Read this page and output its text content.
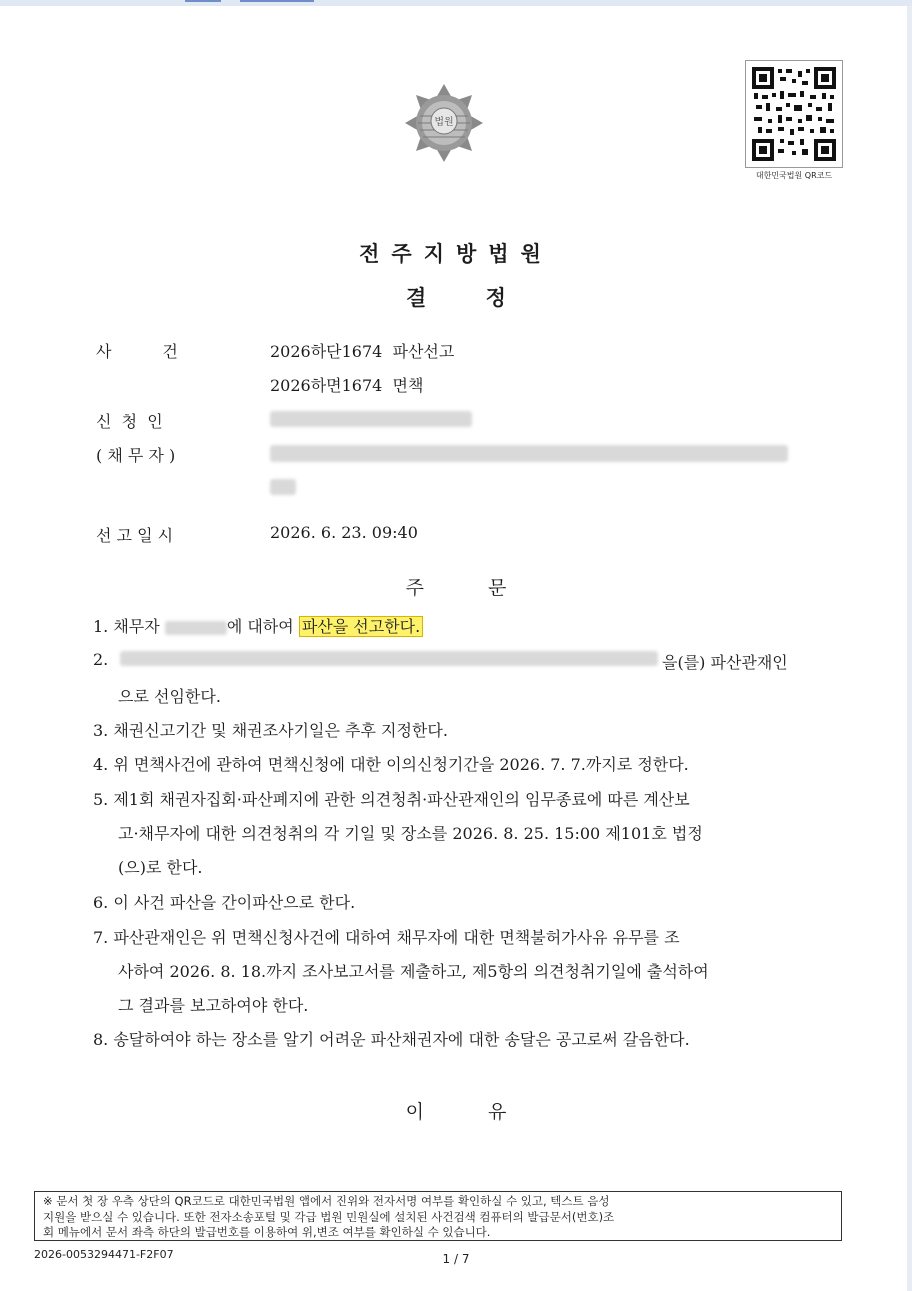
법원
대한민국법원 QR코드
전주지방법원
결 정
사          건	2026하단1674  파산선고
2026하면1674  면책
신  청  인
( 채 무 자 )
선 고 일 시	2026. 6. 23. 09:40
주 문
1. 채무자	에 대하여 파산을 선고한다.
2.	을(를) 파산관재인
으로 선임한다.
3. 채권신고기간 및 채권조사기일은 추후 지정한다.
4. 위 면책사건에 관하여 면책신청에 대한 이의신청기간을 2026. 7. 7.까지로 정한다.
5. 제1회 채권자집회·파산폐지에 관한 의견청취·파산관재인의 임무종료에 따른 계산보
고·채무자에 대한 의견청취의 각 기일 및 장소를 2026. 8. 25. 15:00 제101호 법정
(으)로 한다.
6. 이 사건 파산을 간이파산으로 한다.
7. 파산관재인은 위 면책신청사건에 대하여 채무자에 대한 면책불허가사유 유무를 조
사하여 2026. 8. 18.까지 조사보고서를 제출하고, 제5항의 의견청취기일에 출석하여
그 결과를 보고하여야 한다.
8. 송달하여야 하는 장소를 알기 어려운 파산채권자에 대한 송달은 공고로써 갈음한다.
이 유
※ 문서 첫 장 우측 상단의 QR코드로 대한민국법원 앱에서 진위와 전자서명 여부를 확인하실 수 있고, 텍스트 음성
지원을 받으실 수 있습니다. 또한 전자소송포털 및 각급 법원 민원실에 설치된 사건검색 컴퓨터의 발급문서(번호)조
회 메뉴에서 문서 좌측 하단의 발급번호를 이용하여 위,변조 여부를 확인하실 수 있습니다.
2026-0053294471-F2F07	1 / 7
